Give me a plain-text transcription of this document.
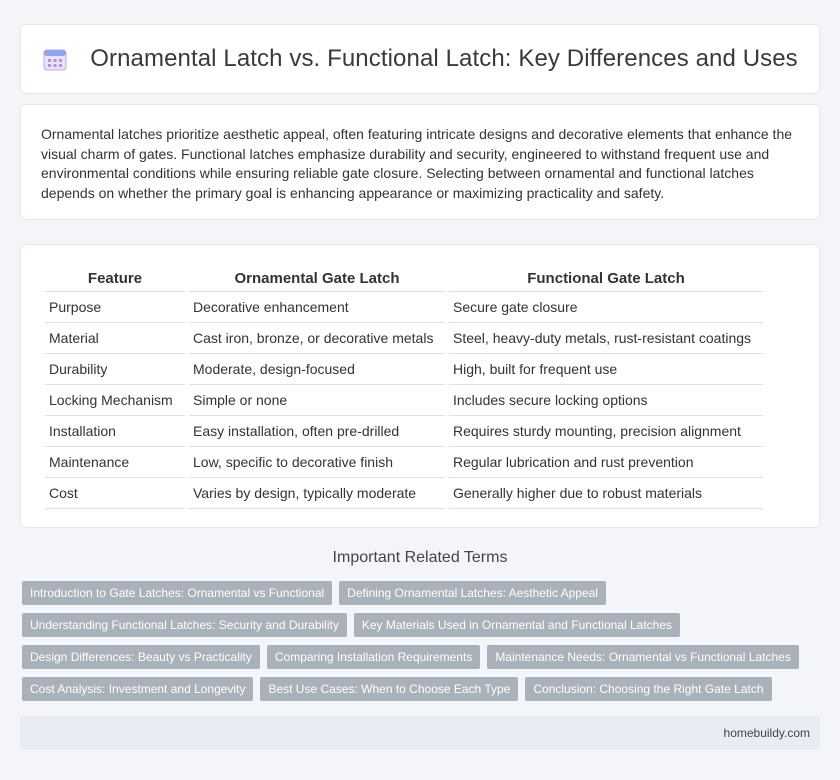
Ornamental Latch vs. Functional Latch: Key Differences and Uses

Ornamental latches prioritize aesthetic appeal, often featuring intricate designs and decorative elements that enhance the visual charm of gates. Functional latches emphasize durability and security, engineered to withstand frequent use and environmental conditions while ensuring reliable gate closure. Selecting between ornamental and functional latches depends on whether the primary goal is enhancing appearance or maximizing practicality and safety.

Feature	Ornamental Gate Latch	Functional Gate Latch
Purpose	Decorative enhancement	Secure gate closure
Material	Cast iron, bronze, or decorative metals	Steel, heavy-duty metals, rust-resistant coatings
Durability	Moderate, design-focused	High, built for frequent use
Locking Mechanism	Simple or none	Includes secure locking options
Installation	Easy installation, often pre-drilled	Requires sturdy mounting, precision alignment
Maintenance	Low, specific to decorative finish	Regular lubrication and rust prevention
Cost	Varies by design, typically moderate	Generally higher due to robust materials
Important Related Terms
Introduction to Gate Latches: Ornamental vs Functional	Defining Ornamental Latches: Aesthetic Appeal
Understanding Functional Latches: Security and Durability	Key Materials Used in Ornamental and Functional Latches
Design Differences: Beauty vs Practicality	Comparing Installation Requirements	Maintenance Needs: Ornamental vs Functional Latches
Cost Analysis: Investment and Longevity	Best Use Cases: When to Choose Each Type	Conclusion: Choosing the Right Gate Latch
homebuildy.com
